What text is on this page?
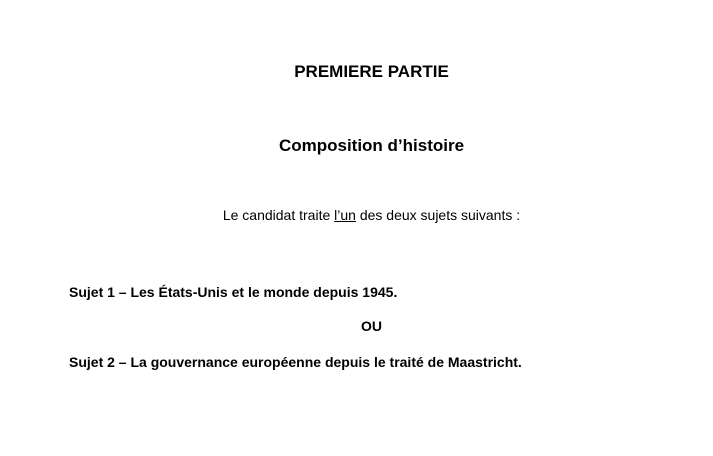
PREMIERE PARTIE
Composition d’histoire
Le candidat traite l’un des deux sujets suivants :
Sujet 1 – Les États-Unis et le monde depuis 1945.
OU
Sujet 2 – La gouvernance européenne depuis le traité de Maastricht.
